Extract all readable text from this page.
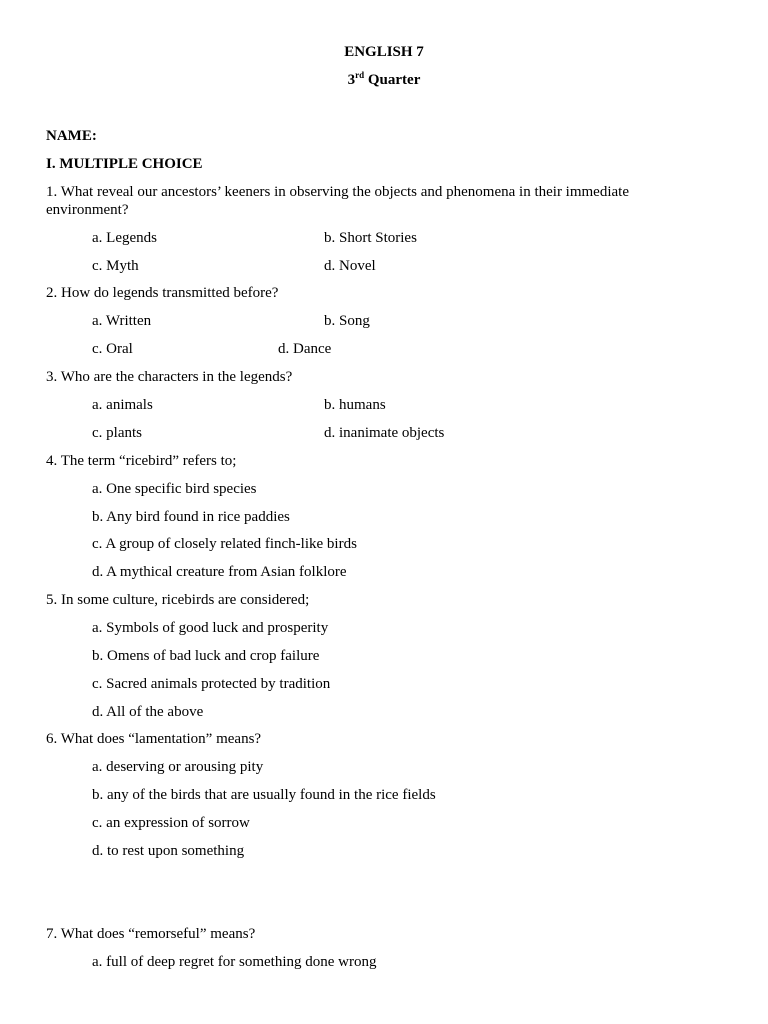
ENGLISH 7
3rd Quarter
NAME:
I. MULTIPLE CHOICE
1. What reveal our ancestors’ keeners in observing the objects and phenomena in their immediate
environment?
a. Legends	b. Short Stories
c. Myth	d. Novel
2. How do legends transmitted before?
a. Written	b. Song
c. Oral	d. Dance
3. Who are the characters in the legends?
a. animals	b. humans
c. plants	d. inanimate objects
4. The term “ricebird” refers to;
a. One specific bird species
b. Any bird found in rice paddies
c. A group of closely related finch-like birds
d. A mythical creature from Asian folklore
5. In some culture, ricebirds are considered;
a. Symbols of good luck and prosperity
b. Omens of bad luck and crop failure
c. Sacred animals protected by tradition
d. All of the above
6. What does “lamentation” means?
a. deserving or arousing pity
b. any of the birds that are usually found in the rice fields
c. an expression of sorrow
d. to rest upon something
7. What does “remorseful” means?
a. full of deep regret for something done wrong
